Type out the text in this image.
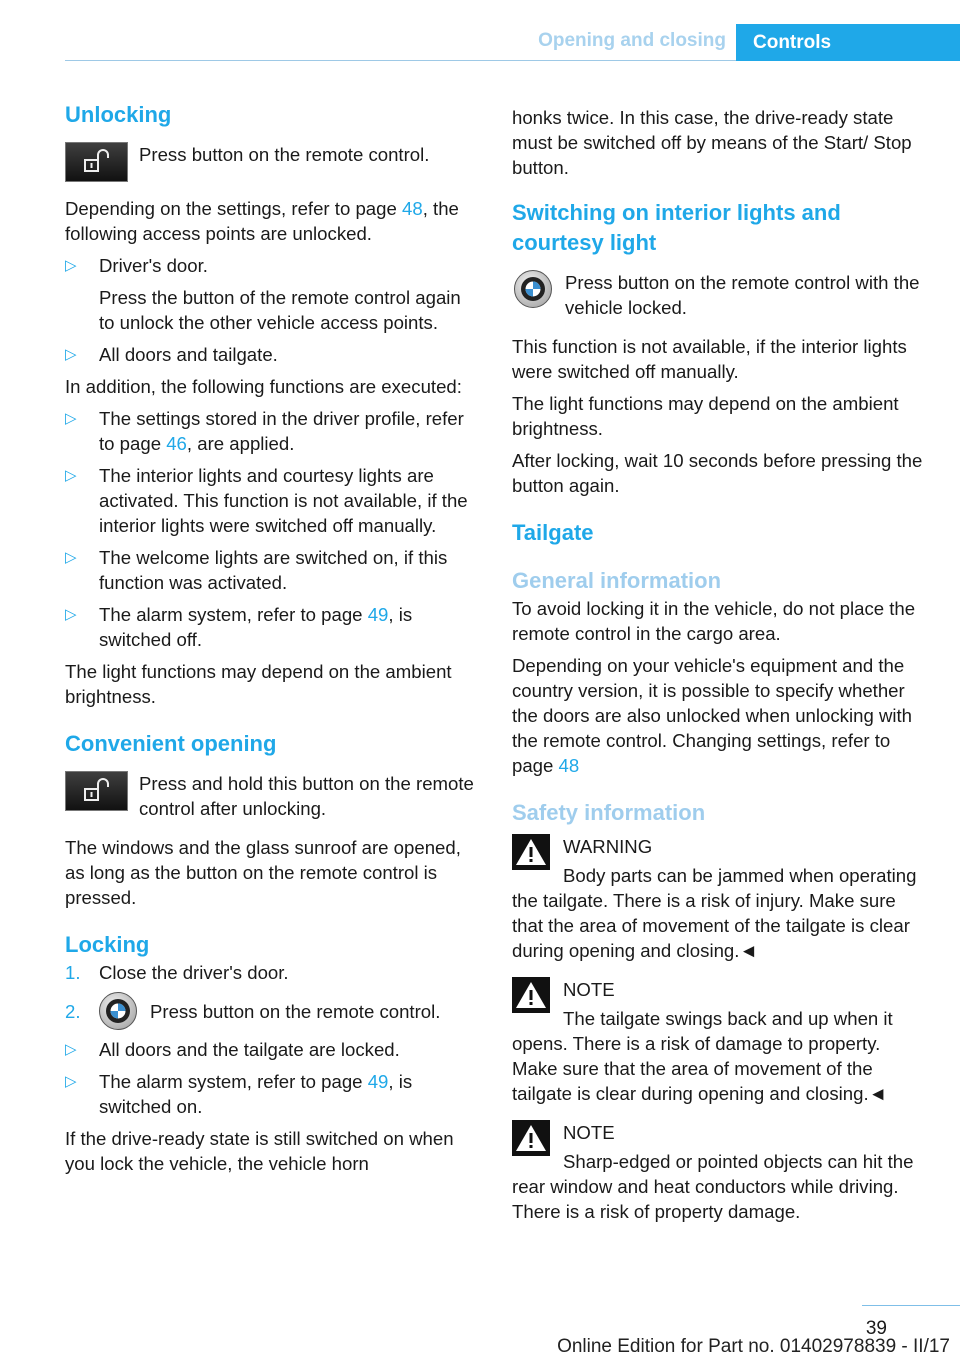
Opening and closing	Controls
Unlocking
Press button on the remote control.

Depending on the settings, refer to page 48, the following access points are unlocked.

▷	Driver's door.
Press the button of the remote control again to unlock the other vehicle access points.
▷	All doors and tailgate.

In addition, the following functions are executed:

▷	The settings stored in the driver profile, refer to page 46, are applied.
▷	The interior lights and courtesy lights are activated. This function is not available, if the interior lights were switched off manually.
▷	The welcome lights are switched on, if this function was activated.
▷	The alarm system, refer to page 49, is switched off.

The light functions may depend on the ambient brightness.

Convenient opening
Press and hold this button on the remote control after unlocking.

The windows and the glass sunroof are opened, as long as the button on the remote control is pressed.

Locking
1. Close the driver's door.
2.	Press button on the remote control.
▷	All doors and the tailgate are locked.
▷	The alarm system, refer to page 49, is switched on.

If the drive-ready state is still switched on when you lock the vehicle, the vehicle horn

honks twice. In this case, the drive-ready state must be switched off by means of the Start/ Stop button.

Switching on interior lights and courtesy light
Press button on the remote control with the vehicle locked.

This function is not available, if the interior lights were switched off manually.

The light functions may depend on the ambient brightness.

After locking, wait 10 seconds before pressing the button again.

Tailgate
General information

To avoid locking it in the vehicle, do not place the remote control in the cargo area.

Depending on your vehicle's equipment and the country version, it is possible to specify whether the doors are also unlocked when unlocking with the remote control. Changing settings, refer to page 48

Safety information
WARNING

Body parts can be jammed when operating the tailgate. There is a risk of injury. Make sure that the area of movement of the tailgate is clear during opening and closing.◄

NOTE

The tailgate swings back and up when it opens. There is a risk of damage to property. Make sure that the area of movement of the tailgate is clear during opening and closing.◄

NOTE

Sharp-edged or pointed objects can hit the rear window and heat conductors while driving. There is a risk of property damage.

39
Online Edition for Part no. 01402978839 - II/17
